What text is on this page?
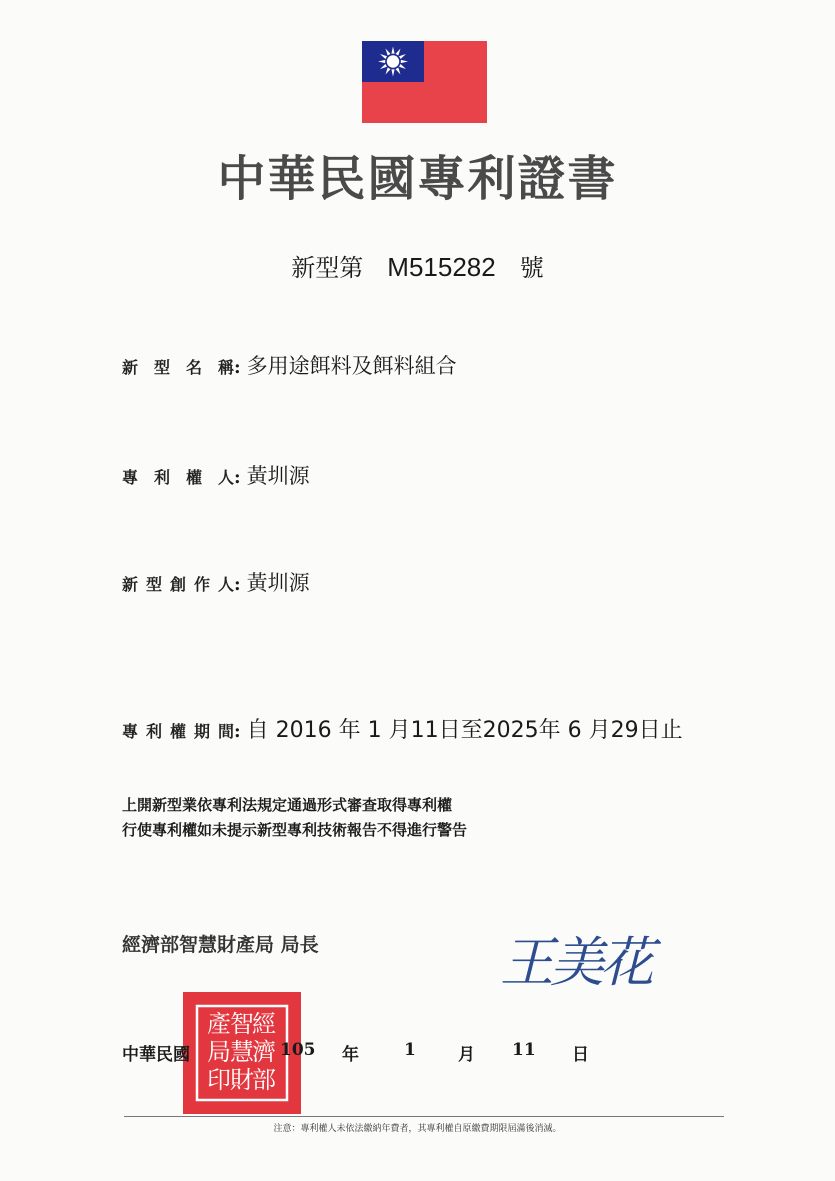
中華民國專利證書
新型第 M515282 號
新型名稱: 多用途餌料及餌料組合
專利權人: 黃圳源
新型創作人: 黃圳源
專利權期間: 自 2016 年 1 月11日至2025年 6 月29日止
上開新型業依專利法規定通過形式審查取得專利權
行使專利權如未提示新型專利技術報告不得進行警告
經濟部智慧財產局 局長	王美花
經
濟
部
智
慧
財
產
局
印
中華民國	105 年	1 月 11 日
注意：專利權人未依法繳納年費者，其專利權自原繳費期限屆滿後消滅。
